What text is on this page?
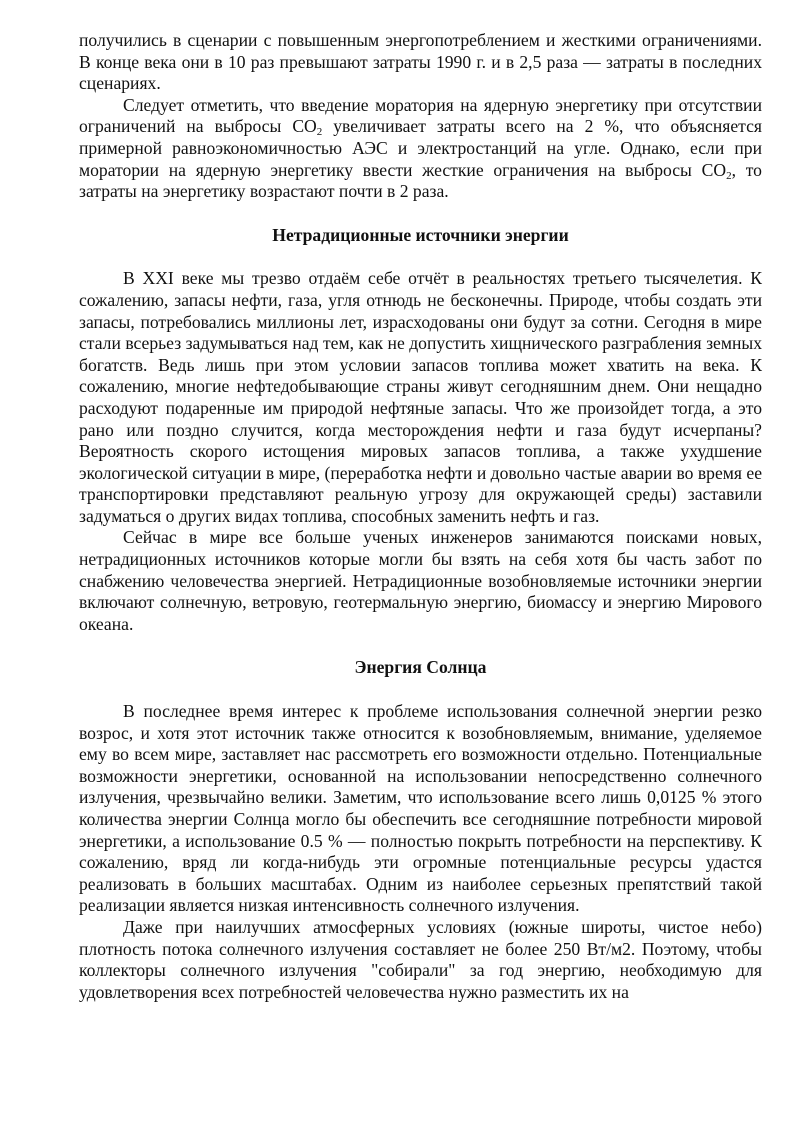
получились в сценарии с повышенным энергопотреблением и жесткими ограничениями. В конце века они в 10 раз превышают затраты 1990 г. и в 2,5 раза — затраты в последних сценариях.

Следует отметить, что введение моратория на ядерную энергетику при отсутствии ограничений на выбросы $СО_2$ увеличивает затраты всего на 2 %, что объясняется примерной равноэкономичностью АЭС и электростанций на угле. Однако, если при моратории на ядерную энергетику ввести жесткие ограничения на выбросы $СО_2$, то затраты на энергетику возрастают почти в 2 раза.

Нетрадиционные источники энергии

В XXI веке мы трезво отдаём себе отчёт в реальностях третьего тысячелетия. К сожалению, запасы нефти, газа, угля отнюдь не бесконечны. Природе, чтобы создать эти запасы, потребовались миллионы лет, израсходованы они будут за сотни. Сегодня в мире стали всерьез задумываться над тем, как не допустить хищнического разграбления земных богатств. Ведь лишь при этом условии запасов топлива может хватить на века. К сожалению, многие нефтедобывающие страны живут сегодняшним днем. Они нещадно расходуют подаренные им природой нефтяные запасы. Что же произойдет тогда, а это рано или поздно случится, когда месторождения нефти и газа будут исчерпаны? Вероятность скорого истощения мировых запасов топлива, а также ухудшение экологической ситуации в мире, (переработка нефти и довольно частые аварии во время ее транспортировки представляют реальную угрозу для окружающей среды) заставили задуматься о других видах топлива, способных заменить нефть и газ.

Сейчас в мире все больше ученых инженеров занимаются поисками новых, нетрадиционных источников которые могли бы взять на себя хотя бы часть забот по снабжению человечества энергией. Нетрадиционные возобновляемые источники энергии включают солнечную, ветровую, геотермальную энергию, биомассу и энергию Мирового океана.

Энергия Солнца

В последнее время интерес к проблеме использования солнечной энергии резко возрос, и хотя этот источник также относится к возобновляемым, внимание, уделяемое ему во всем мире, заставляет нас рассмотреть его возможности отдельно. Потенциальные возможности энергетики, основанной на использовании непосредственно солнечного излучения, чрезвычайно велики. Заметим, что использование всего лишь 0,0125 % этого количества энергии Солнца могло бы обеспечить все сегодняшние потребности мировой энергетики, а использование 0.5 % — полностью покрыть потребности на перспективу. К сожалению, вряд ли когда-нибудь эти огромные потенциальные ресурсы удастся реализовать в больших масштабах. Одним из наиболее серьезных препятствий такой реализации является низкая интенсивность солнечного излучения.

Даже при наилучших атмосферных условиях (южные широты, чистое небо) плотность потока солнечного излучения составляет не более 250 Вт/м2. Поэтому, чтобы коллекторы солнечного излучения "собирали" за год энергию, необходимую для удовлетворения всех потребностей человечества нужно разместить их на
